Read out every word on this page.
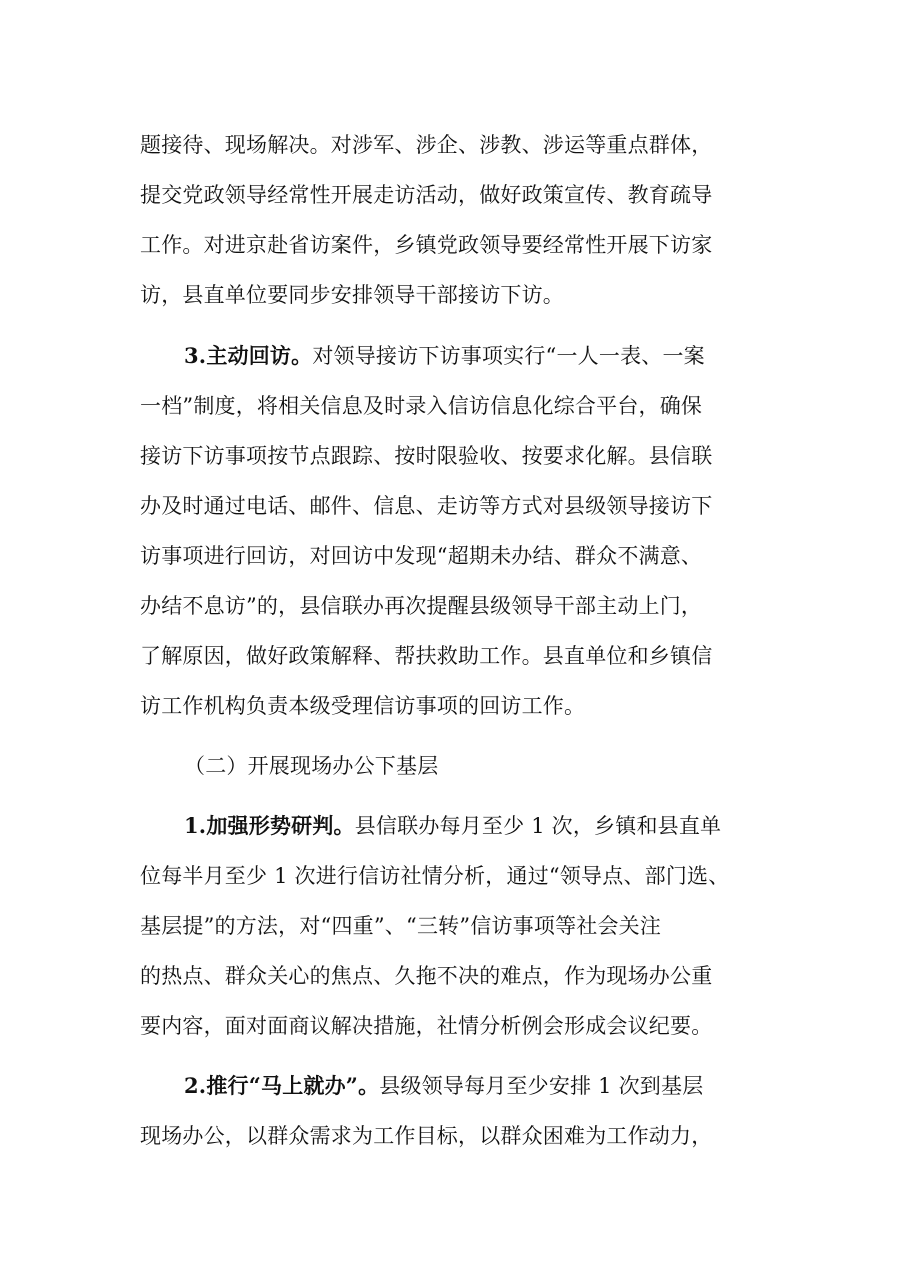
题接待、现场解决。对涉军、涉企、涉教、涉运等重点群体，
提交党政领导经常性开展走访活动，做好政策宣传、教育疏导
工作。对进京赴省访案件，乡镇党政领导要经常性开展下访家
访，县直单位要同步安排领导干部接访下访。
3.主动回访。对领导接访下访事项实行“一人一表、一案
一档”制度，将相关信息及时录入信访信息化综合平台，确保
接访下访事项按节点跟踪、按时限验收、按要求化解。县信联
办及时通过电话、邮件、信息、走访等方式对县级领导接访下
访事项进行回访，对回访中发现“超期未办结、群众不满意、
办结不息访”的，县信联办再次提醒县级领导干部主动上门，
了解原因，做好政策解释、帮扶救助工作。县直单位和乡镇信
访工作机构负责本级受理信访事项的回访工作。
（二）开展现场办公下基层
1.加强形势研判。县信联办每月至少 1 次，乡镇和县直单
位每半月至少 1 次进行信访社情分析，通过“领导点、部门选、
基层提”的方法，对“四重”、“三转”信访事项等社会关注
的热点、群众关心的焦点、久拖不决的难点，作为现场办公重
要内容，面对面商议解决措施，社情分析例会形成会议纪要。
2.推行“马上就办”。县级领导每月至少安排 1 次到基层
现场办公，以群众需求为工作目标，以群众困难为工作动力，
